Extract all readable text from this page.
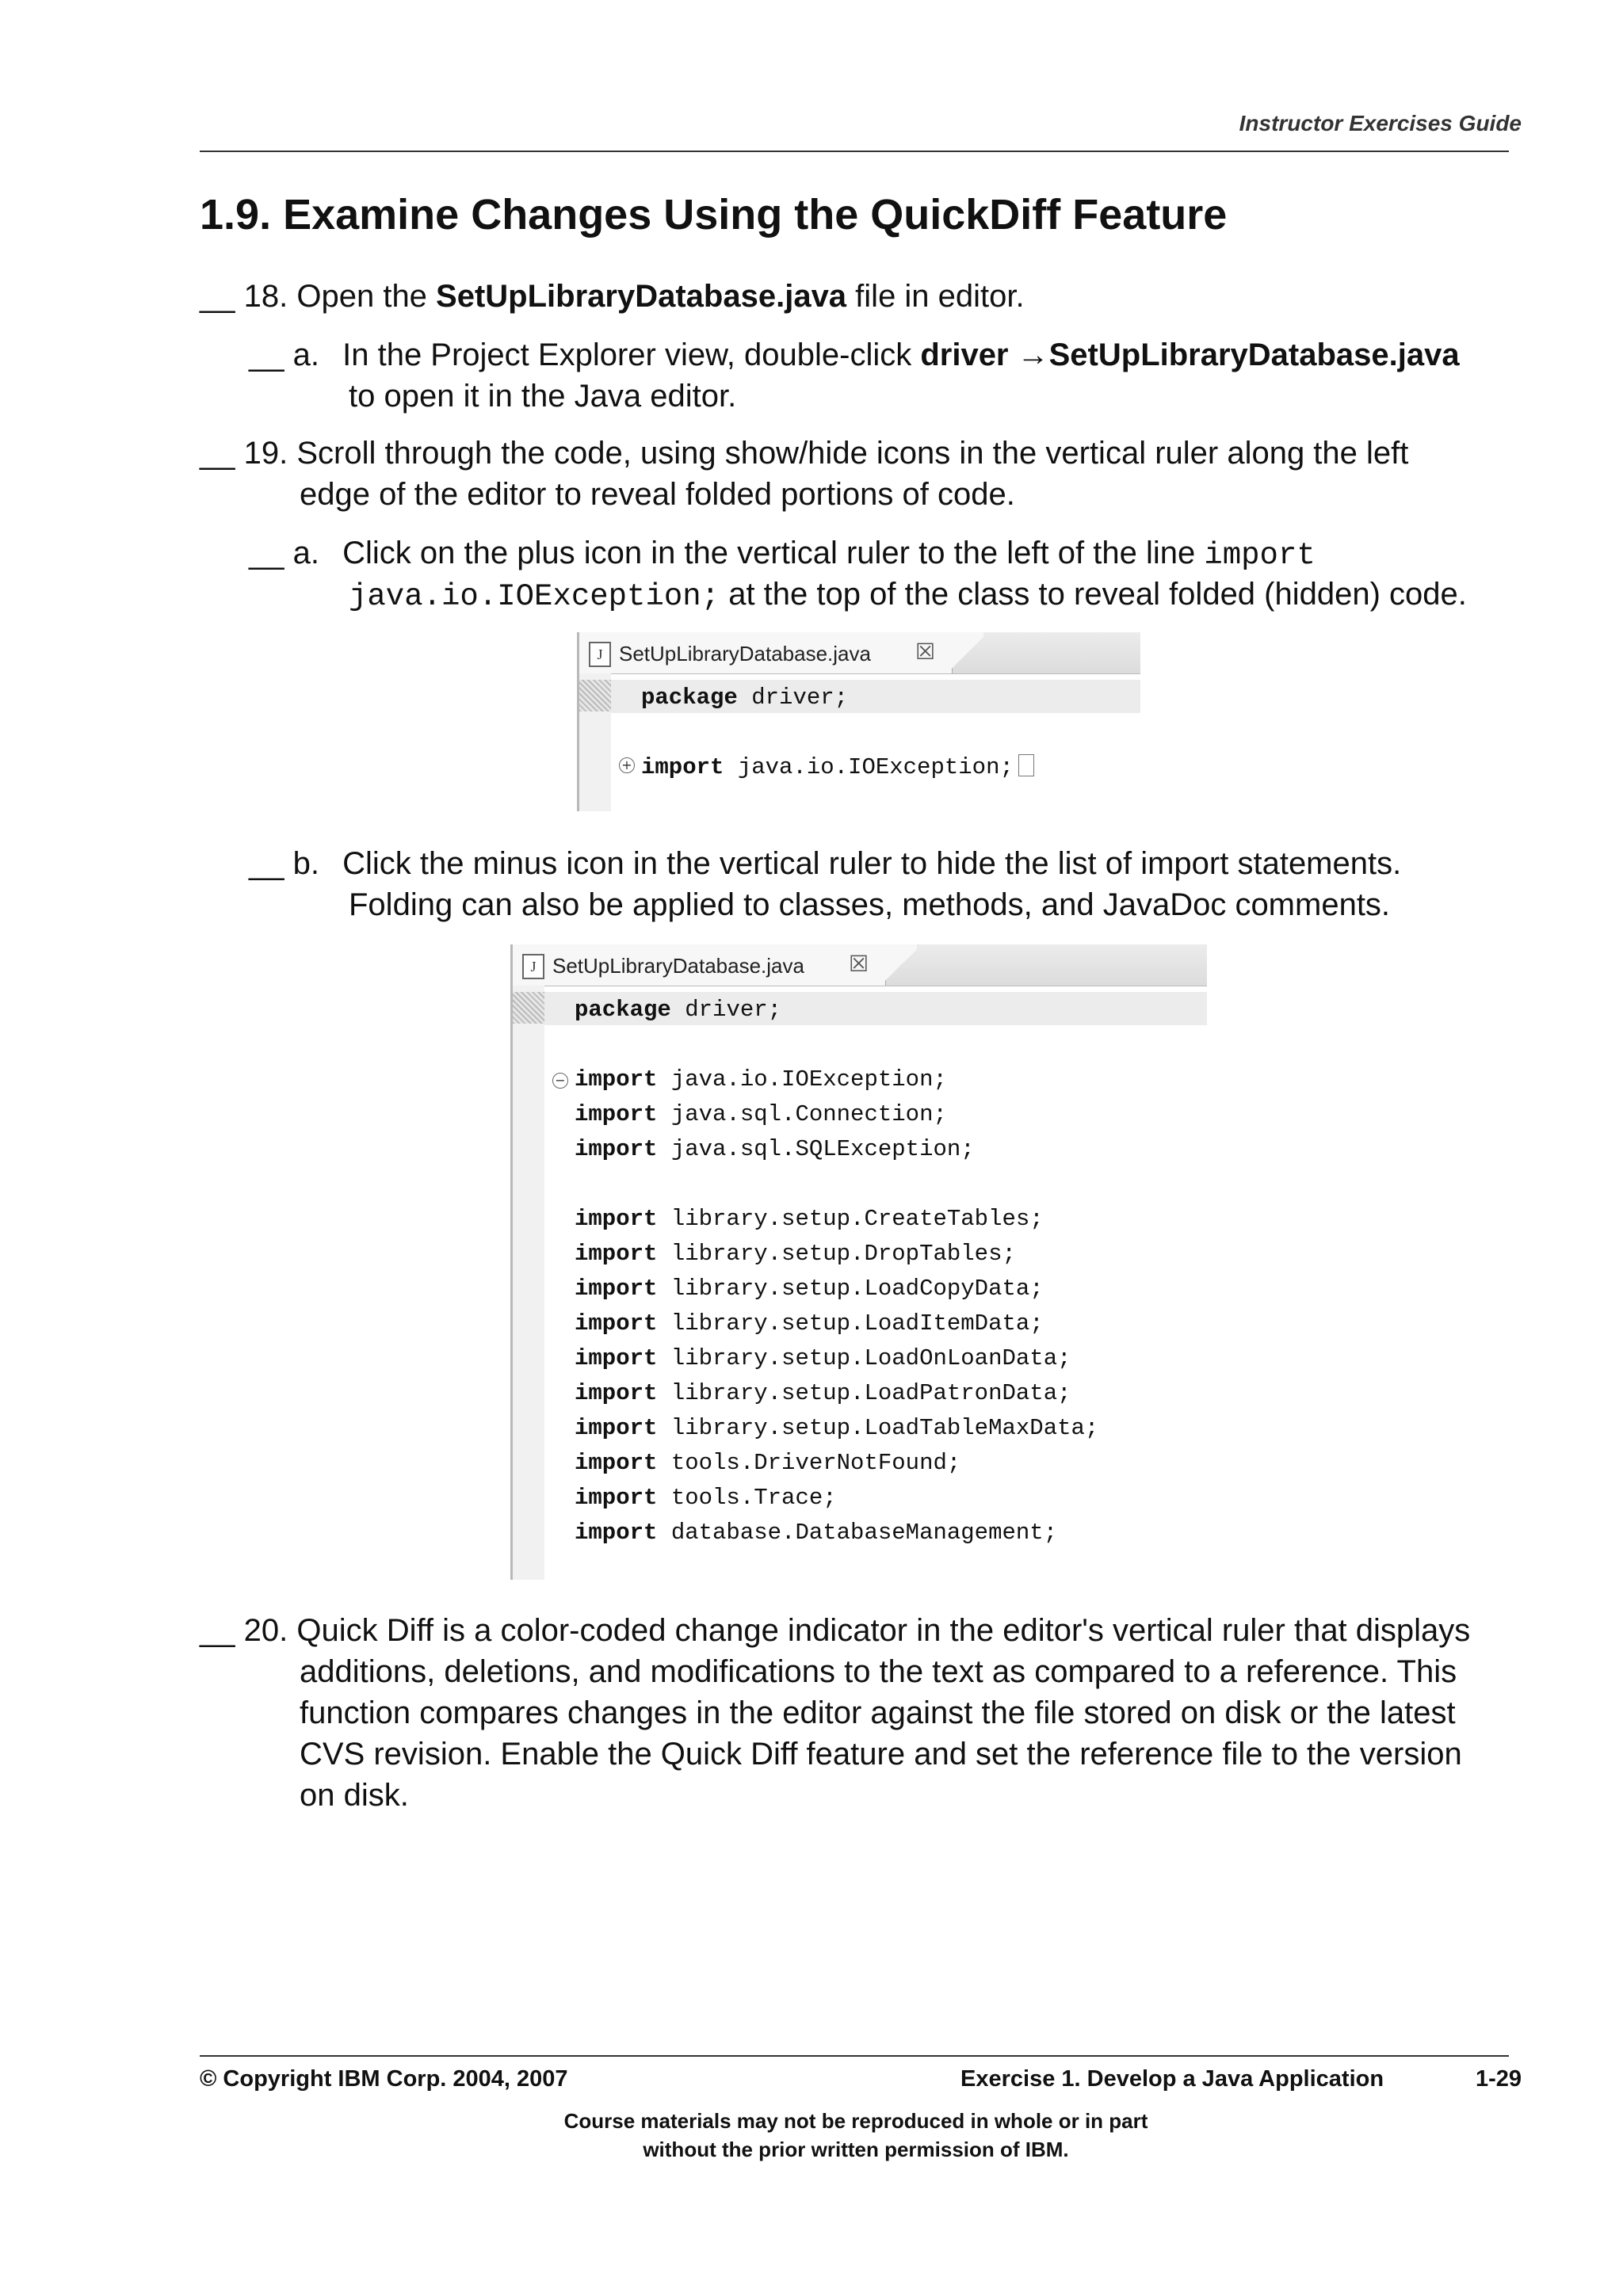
Instructor Exercises Guide
1.9. Examine Changes Using the QuickDiff Feature
__ 18. Open the SetUpLibraryDatabase.java file in editor.
__ a. In the Project Explorer view, double-click driver →SetUpLibraryDatabase.java
to open it in the Java editor.
__ 19. Scroll through the code, using show/hide icons in the vertical ruler along the left
edge of the editor to reveal folded portions of code.
__ a. Click on the plus icon in the vertical ruler to the left of the line import
java.io.IOException; at the top of the class to reveal folded (hidden) code.
J SetUpLibraryDatabase.java ☒
package driver;
+ import java.io.IOException;
__ b. Click the minus icon in the vertical ruler to hide the list of import statements.
Folding can also be applied to classes, methods, and JavaDoc comments.
J SetUpLibraryDatabase.java ☒
−
package driver;
import java.io.IOException;
import java.sql.Connection;
import java.sql.SQLException;
import library.setup.CreateTables;
import library.setup.DropTables;
import library.setup.LoadCopyData;
import library.setup.LoadItemData;
import library.setup.LoadOnLoanData;
import library.setup.LoadPatronData;
import library.setup.LoadTableMaxData;
import tools.DriverNotFound;
import tools.Trace;
import database.DatabaseManagement;
__ 20. Quick Diff is a color-coded change indicator in the editor's vertical ruler that displays
additions, deletions, and modifications to the text as compared to a reference. This
function compares changes in the editor against the file stored on disk or the latest
CVS revision. Enable the Quick Diff feature and set the reference file to the version
on disk.
© Copyright IBM Corp. 2004, 2007	Exercise 1. Develop a Java Application	1-29
Course materials may not be reproduced in whole or in part
without the prior written permission of IBM.
